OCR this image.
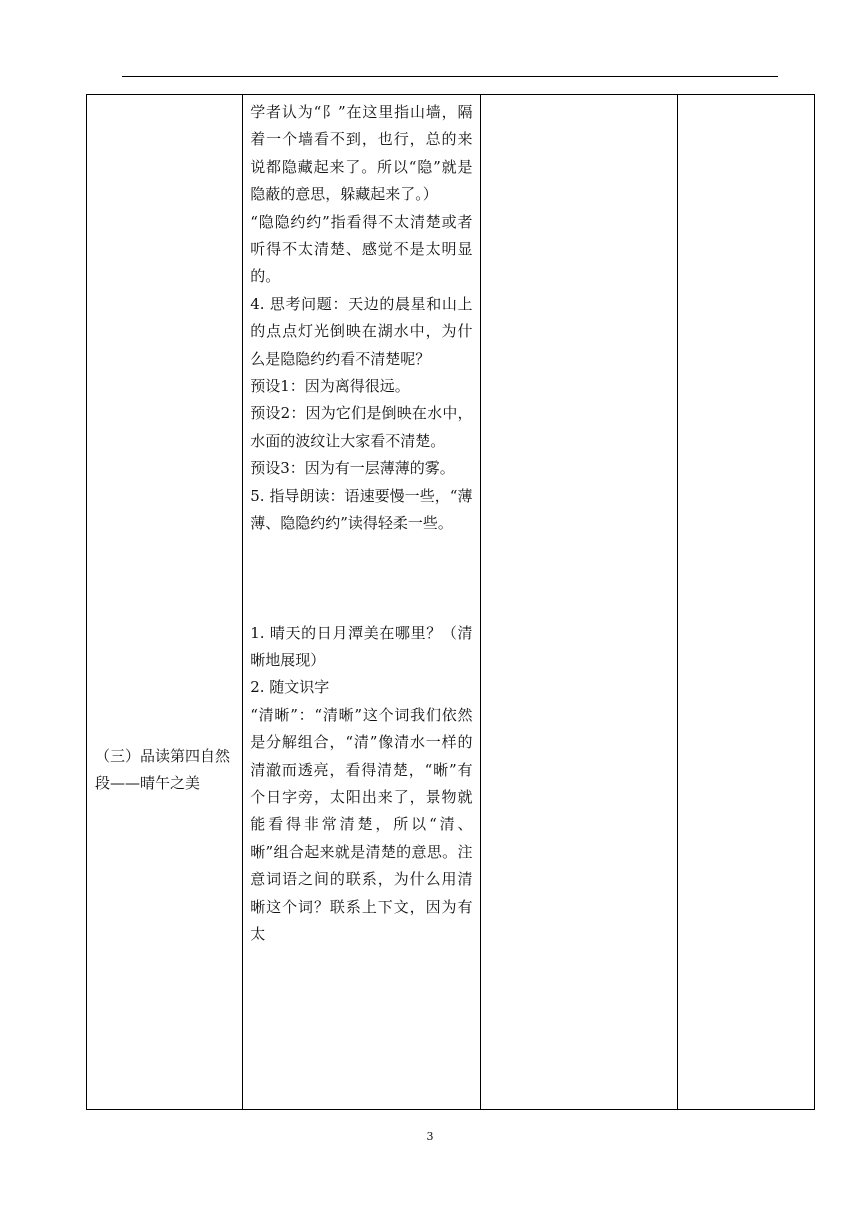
（三）品读第四自然段——晴午之美

学者认为“阝”在这里指山墙，隔着一个墙看不到，也行，总的来说都隐藏起来了。所以“隐”就是隐蔽的意思，躲藏起来了。）

“隐隐约约”指看得不太清楚或者听得不太清楚、感觉不是太明显的。

4. 思考问题：天边的晨星和山上的点点灯光倒映在湖水中，为什么是隐隐约约看不清楚呢？

预设1：因为离得很远。

预设2：因为它们是倒映在水中，水面的波纹让大家看不清楚。

预设3：因为有一层薄薄的雾。

5. 指导朗读：语速要慢一些，“薄薄、隐隐约约”读得轻柔一些。

1. 晴天的日月潭美在哪里？（清晰地展现）

2. 随文识字

“清晰”：“清晰”这个词我们依然是分解组合，“清”像清水一样的清澈而透亮，看得清楚，“晰”有个日字旁，太阳出来了，景物就能看得非常清楚，所以“清、晰”组合起来就是清楚的意思。注意词语之间的联系，为什么用清晰这个词？联系上下文，因为有太

3
